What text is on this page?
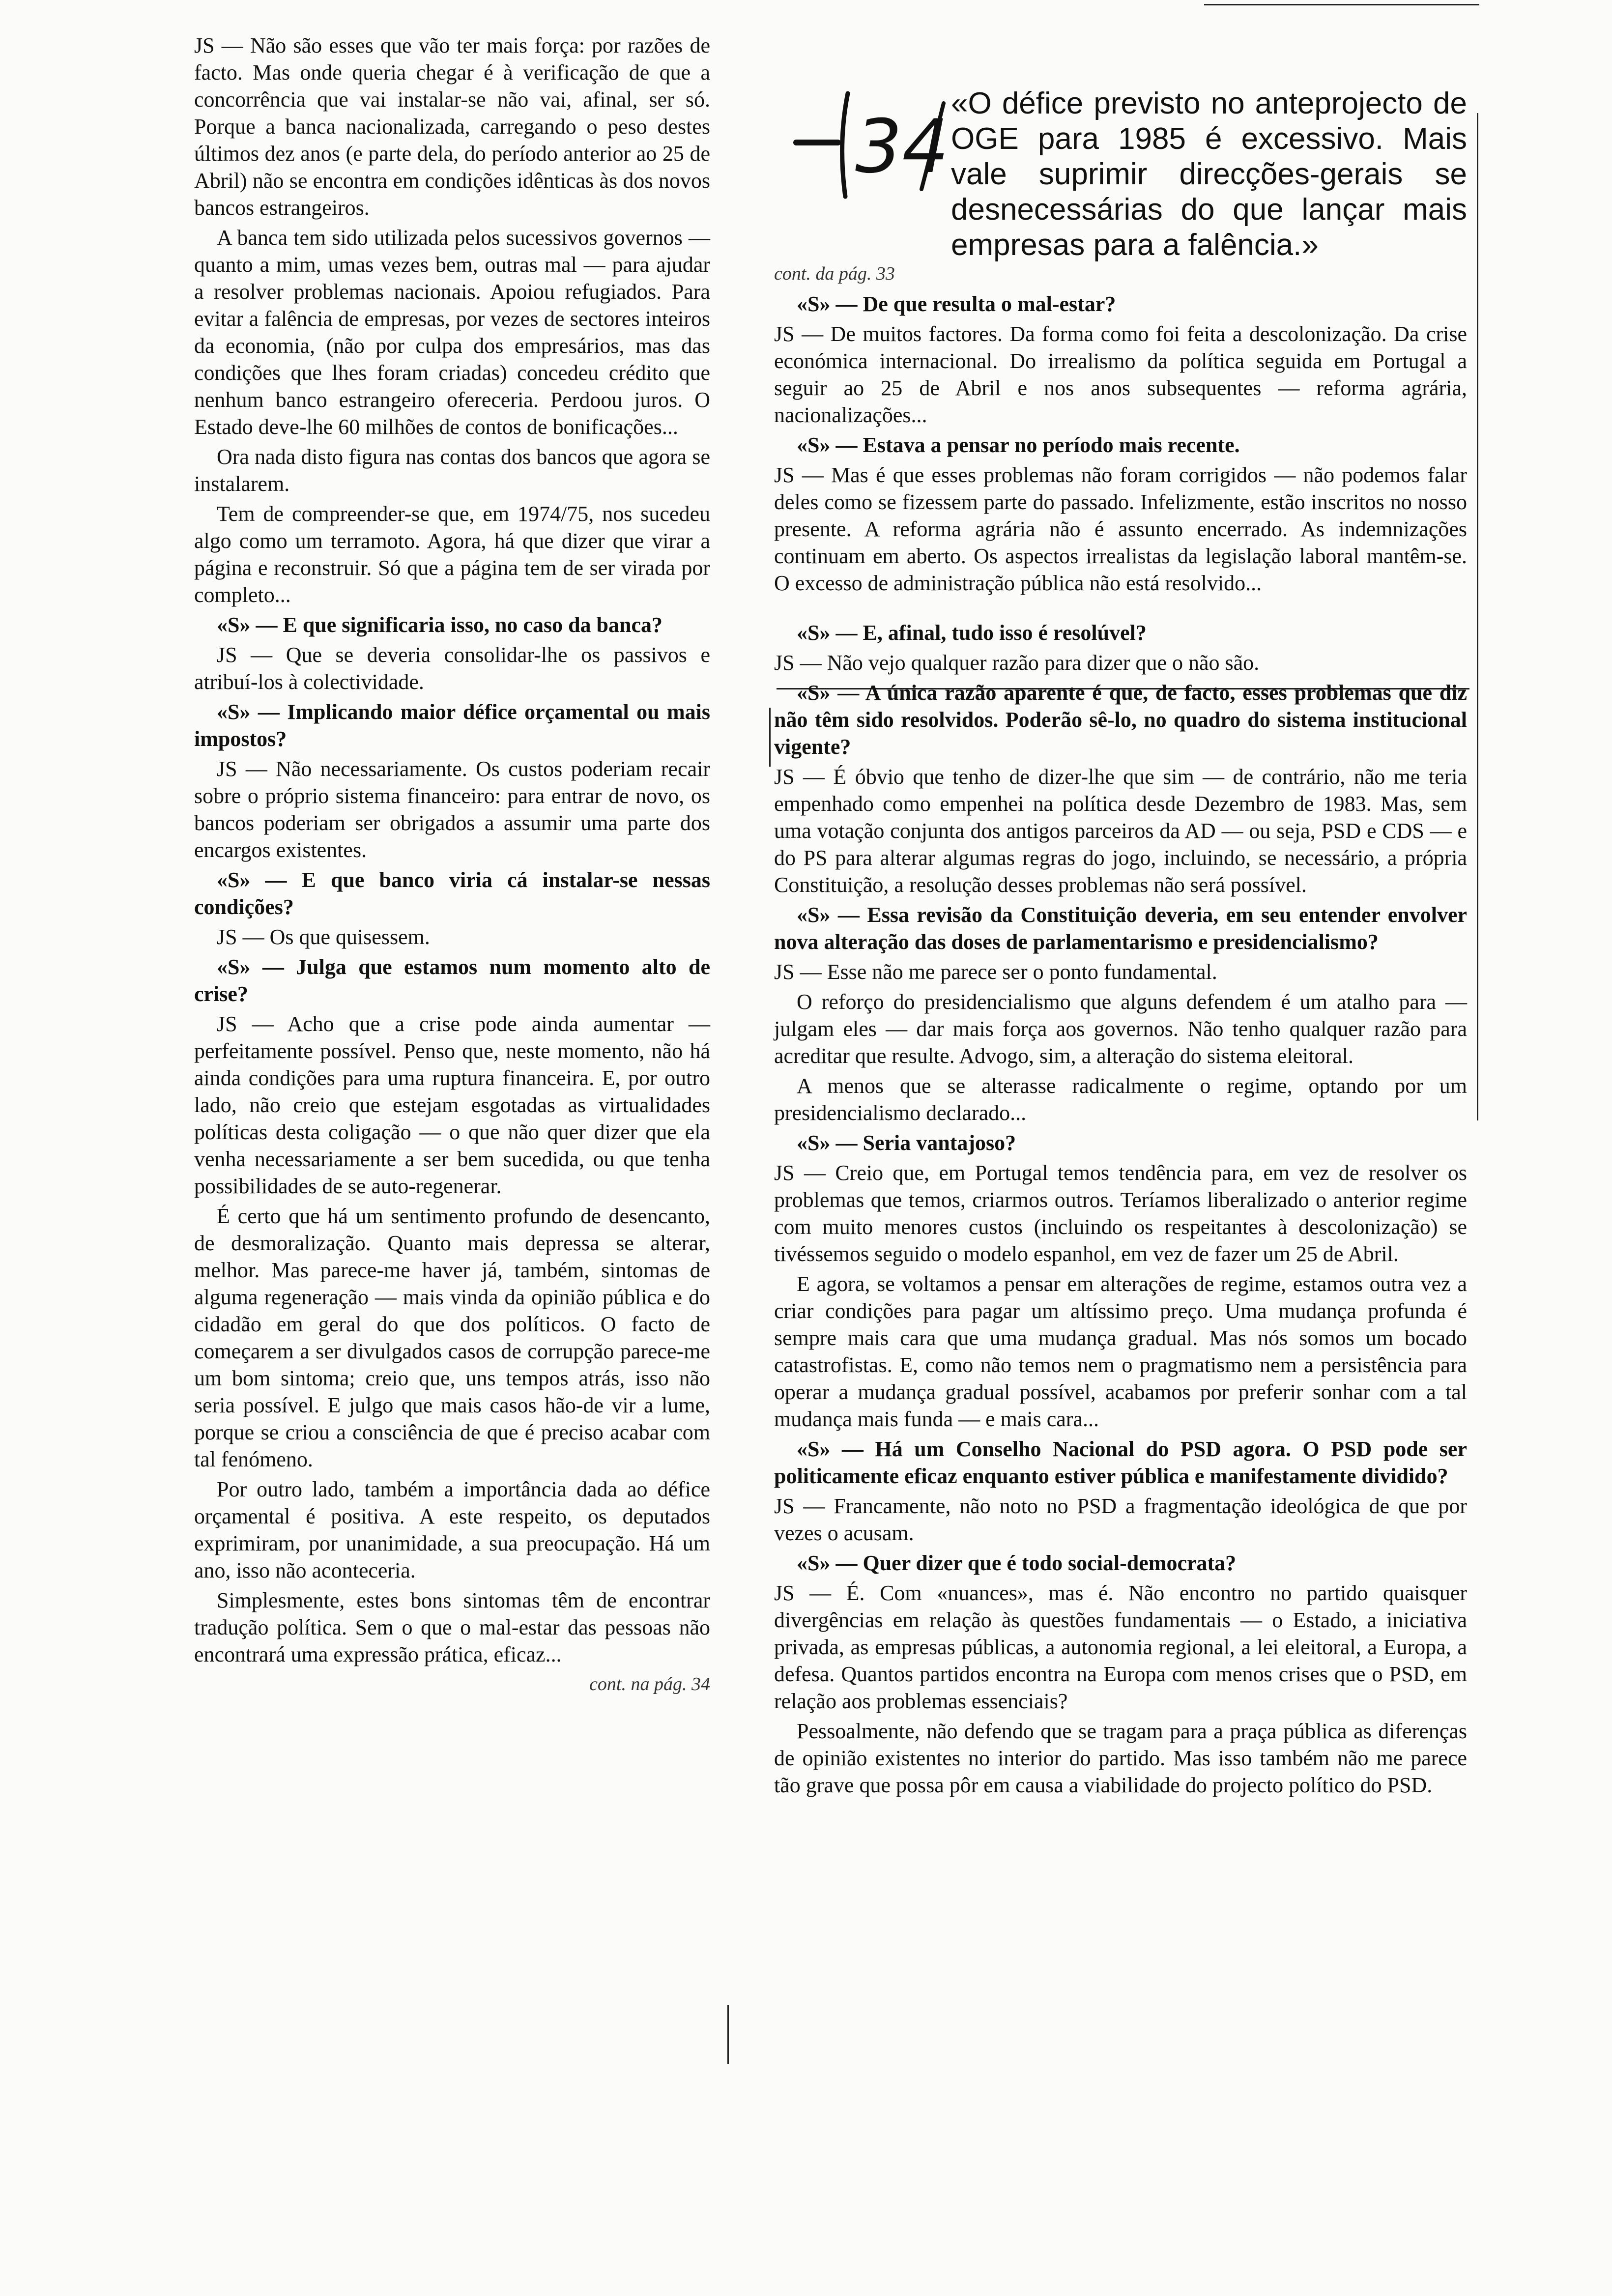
34
«O défice previsto no anteprojecto de OGE para 1985 é excessivo. Mais vale suprimir direcções-gerais se desnecessárias do que lançar mais empresas para a falência.»

JS — Não são esses que vão ter mais força: por razões de facto. Mas onde queria chegar é à verificação de que a concorrência que vai instalar-se não vai, afinal, ser só. Porque a banca nacionalizada, carregando o peso destes últimos dez anos (e parte dela, do período anterior ao 25 de Abril) não se encontra em condições idênticas às dos novos bancos estrangeiros.

A banca tem sido utilizada pelos sucessivos governos — quanto a mim, umas vezes bem, outras mal — para ajudar a resolver problemas nacionais. Apoiou refugiados. Para evitar a falência de empresas, por vezes de sectores inteiros da economia, (não por culpa dos empresários, mas das condições que lhes foram criadas) concedeu crédito que nenhum banco estrangeiro ofereceria. Perdoou juros. O Estado deve-lhe 60 milhões de contos de bonificações...

Ora nada disto figura nas contas dos bancos que agora se instalarem.

Tem de compreender-se que, em 1974/75, nos sucedeu algo como um terramoto. Agora, há que dizer que virar a página e reconstruir. Só que a página tem de ser virada por completo...

«S» — E que significaria isso, no caso da banca?

JS — Que se deveria consolidar-lhe os passivos e atribuí-los à colectividade.

«S» — Implicando maior défice orçamental ou mais impostos?

JS — Não necessariamente. Os custos poderiam recair sobre o próprio sistema financeiro: para entrar de novo, os bancos poderiam ser obrigados a assumir uma parte dos encargos existentes.

«S» — E que banco viria cá instalar-se nessas condições?

JS — Os que quisessem.

«S» — Julga que estamos num momento alto de crise?

JS — Acho que a crise pode ainda aumentar — perfeitamente possível. Penso que, neste momento, não há ainda condições para uma ruptura financeira. E, por outro lado, não creio que estejam esgotadas as virtualidades políticas desta coligação — o que não quer dizer que ela venha necessariamente a ser bem sucedida, ou que tenha possibilidades de se auto-regenerar.

É certo que há um sentimento profundo de desencanto, de desmoralização. Quanto mais depressa se alterar, melhor. Mas parece-me haver já, também, sintomas de alguma regeneração — mais vinda da opinião pública e do cidadão em geral do que dos políticos. O facto de começarem a ser divulgados casos de corrupção parece-me um bom sintoma; creio que, uns tempos atrás, isso não seria possível. E julgo que mais casos hão-de vir a lume, porque se criou a consciência de que é preciso acabar com tal fenómeno.

Por outro lado, também a importância dada ao défice orçamental é positiva. A este respeito, os deputados exprimiram, por unanimidade, a sua preocupação. Há um ano, isso não aconteceria.

Simplesmente, estes bons sintomas têm de encontrar tradução política. Sem o que o mal-estar das pessoas não encontrará uma expressão prática, eficaz...

cont. na pág. 34

cont. da pág. 33

«S» — De que resulta o mal-estar?

JS — De muitos factores. Da forma como foi feita a descolonização. Da crise económica internacional. Do irrealismo da política seguida em Portugal a seguir ao 25 de Abril e nos anos subsequentes — reforma agrária, nacionalizações...

«S» — Estava a pensar no período mais recente.

JS — Mas é que esses problemas não foram corrigidos — não podemos falar deles como se fizessem parte do passado. Infelizmente, estão inscritos no nosso presente. A reforma agrária não é assunto encerrado. As indemnizações continuam em aberto. Os aspectos irrealistas da legislação laboral mantêm-se. O excesso de administração pública não está resolvido...

«S» — E, afinal, tudo isso é resolúvel?

JS — Não vejo qualquer razão para dizer que o não são.

«S» — A única razão aparente é que, de facto, esses problemas que diz não têm sido resolvidos. Poderão sê-lo, no quadro do sistema institucional vigente?

JS — É óbvio que tenho de dizer-lhe que sim — de contrário, não me teria empenhado como empenhei na política desde Dezembro de 1983. Mas, sem uma votação conjunta dos antigos parceiros da AD — ou seja, PSD e CDS — e do PS para alterar algumas regras do jogo, incluindo, se necessário, a própria Constituição, a resolução desses problemas não será possível.

«S» — Essa revisão da Constituição deveria, em seu entender envolver nova alteração das doses de parlamentarismo e presidencialismo?

JS — Esse não me parece ser o ponto fundamental.

O reforço do presidencialismo que alguns defendem é um atalho para — julgam eles — dar mais força aos governos. Não tenho qualquer razão para acreditar que resulte. Advogo, sim, a alteração do sistema eleitoral.

A menos que se alterasse radicalmente o regime, optando por um presidencialismo declarado...

«S» — Seria vantajoso?

JS — Creio que, em Portugal temos tendência para, em vez de resolver os problemas que temos, criarmos outros. Teríamos liberalizado o anterior regime com muito menores custos (incluindo os respeitantes à descolonização) se tivéssemos seguido o modelo espanhol, em vez de fazer um 25 de Abril.

E agora, se voltamos a pensar em alterações de regime, estamos outra vez a criar condições para pagar um altíssimo preço. Uma mudança profunda é sempre mais cara que uma mudança gradual. Mas nós somos um bocado catastrofistas. E, como não temos nem o pragmatismo nem a persistência para operar a mudança gradual possível, acabamos por preferir sonhar com a tal mudança mais funda — e mais cara...

«S» — Há um Conselho Nacional do PSD agora. O PSD pode ser politicamente eficaz enquanto estiver pública e manifestamente dividido?

JS — Francamente, não noto no PSD a fragmentação ideológica de que por vezes o acusam.

«S» — Quer dizer que é todo social-democrata?

JS — É. Com «nuances», mas é. Não encontro no partido quaisquer divergências em relação às questões fundamentais — o Estado, a iniciativa privada, as empresas públicas, a autonomia regional, a lei eleitoral, a Europa, a defesa. Quantos partidos encontra na Europa com menos crises que o PSD, em relação aos problemas essenciais?

Pessoalmente, não defendo que se tragam para a praça pública as diferenças de opinião existentes no interior do partido. Mas isso também não me parece tão grave que possa pôr em causa a viabilidade do projecto político do PSD.
